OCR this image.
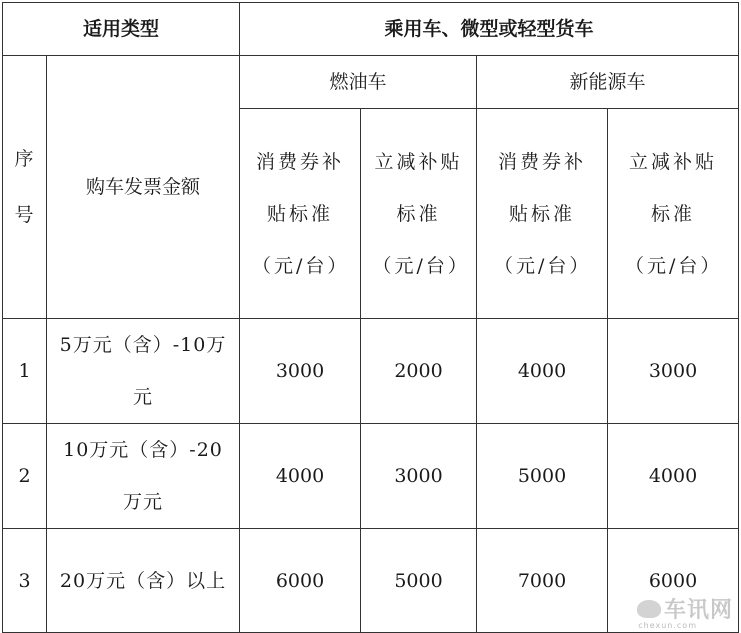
适用类型		乘用车、微型或轻型货车			

序号	购车发票金额	燃油车		新能源车	

		消费券补贴标准（元/台）	立减补贴标准（元/台）	消费券补贴标准（元/台）	立减补贴标准（元/台）

1	5万元（含）-10万元	3000	2000	4000	3000
2	10万元（含）-20万元	4000	3000	5000	4000
3	20万元（含）以上	6000	5000	7000	6000
车讯网
chexun.com
